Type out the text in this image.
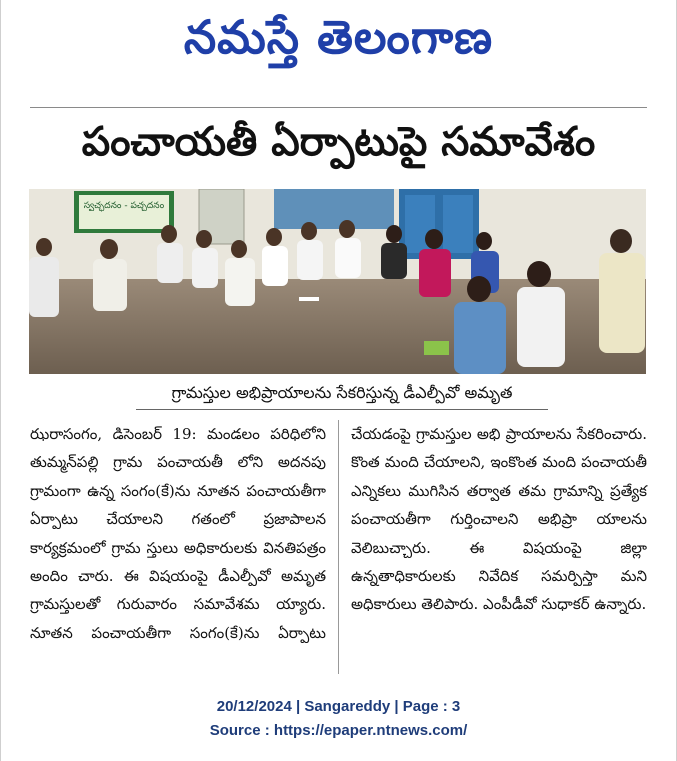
నమస్తే తెలంగాణ
పంచాయతీ ఏర్పాటుపై సమావేశం
స్వచ్ఛదనం - పచ్చదనం
గ్రామస్తుల అభిప్రాయాలను సేకరిస్తున్న డీఎల్పీవో అమృత

ఝరాసంగం, డిసెంబర్ 19: మండలం పరిధిలోని తుమ్మన్‌పల్లి గ్రామ పంచాయతీ లోని అదనపు గ్రామంగా ఉన్న సంగం(కే)ను నూతన పంచాయతీగా ఏర్పాటు చేయాలని గతంలో ప్రజాపాలన కార్యక్రమంలో గ్రామ స్తులు అధికారులకు వినతిపత్రం అందిం చారు. ఈ విషయంపై డీఎల్పీవో అమృత గ్రామస్తులతో గురువారం సమావేశమ య్యారు. నూతన పంచాయతీగా సంగం(కే)ను ఏర్పాటు చేయడంపై గ్రామస్తుల అభి ప్రాయాలను సేకరించారు. కొంత మంది చేయాలని, ఇంకొంత మంది పంచాయతీ ఎన్నికలు ముగిసిన తర్వాత తమ గ్రామాన్ని ప్రత్యేక పంచాయతీగా గుర్తించాలని అభిప్రా యాలను వెలిబుచ్చారు. ఈ విషయంపై జిల్లా ఉన్నతాధికారులకు నివేదిక సమర్పిస్తా మని అధికారులు తెలిపారు. ఎంపీడీవో సుధాకర్ ఉన్నారు.

20/12/2024 | Sangareddy | Page : 3
Source : https://epaper.ntnews.com/
